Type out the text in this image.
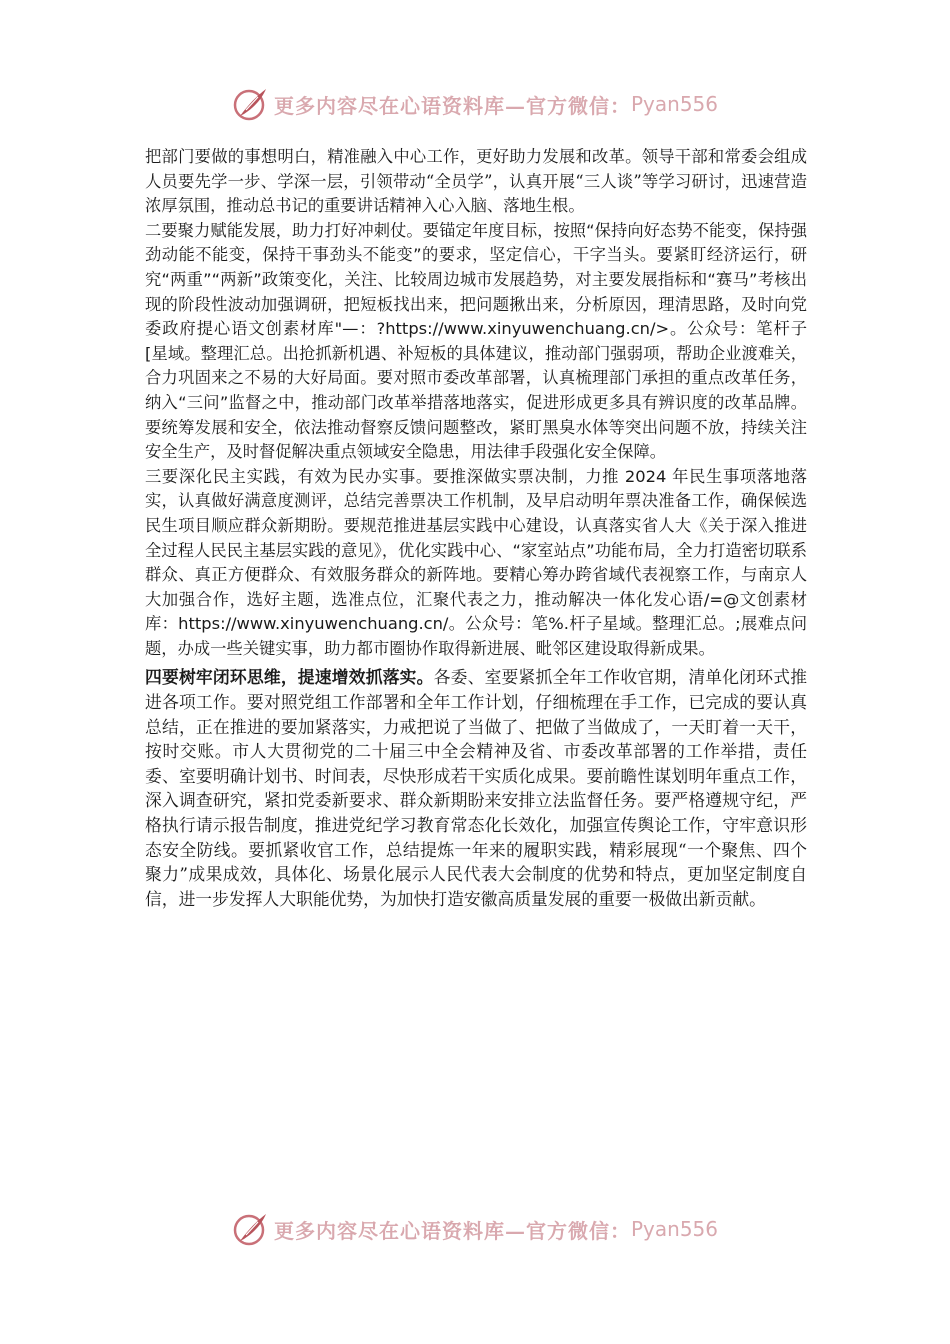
更多内容尽在心语资料库—官方微信： Pyan556

把部门要做的事想明白，精准融入中心工作，更好助力发展和改革。领导干部和常委会组成人员要先学一步、学深一层，引领带动“全员学”，认真开展“三人谈”等学习研讨，迅速营造浓厚氛围，推动总书记的重要讲话精神入心入脑、落地生根。

二要聚力赋能发展，助力打好冲刺仗。要锚定年度目标，按照“保持向好态势不能变，保持强劲动能不能变，保持干事劲头不能变”的要求，坚定信心，干字当头。要紧盯经济运行，研究“两重”“两新”政策变化，关注、比较周边城市发展趋势，对主要发展指标和“赛马”考核出现的阶段性波动加强调研，把短板找出来，把问题揪出来，分析原因，理清思路，及时向党委政府提心语文创素材库"—：?https://www.xinyuwenchuang.cn/>。公众号：笔杆子[星域。整理汇总。出抢抓新机遇、补短板的具体建议，推动部门强弱项，帮助企业渡难关，合力巩固来之不易的大好局面。要对照市委改革部署，认真梳理部门承担的重点改革任务，纳入“三问”监督之中，推动部门改革举措落地落实，促进形成更多具有辨识度的改革品牌。要统筹发展和安全，依法推动督察反馈问题整改，紧盯黑臭水体等突出问题不放，持续关注安全生产，及时督促解决重点领域安全隐患，用法律手段强化安全保障。

三要深化民主实践，有效为民办实事。要推深做实票决制，力推 2024 年民生事项落地落实，认真做好满意度测评，总结完善票决工作机制，及早启动明年票决准备工作，确保候选民生项目顺应群众新期盼。要规范推进基层实践中心建设，认真落实省人大《关于深入推进全过程人民民主基层实践的意见》，优化实践中心、“家室站点”功能布局，全力打造密切联系群众、真正方便群众、有效服务群众的新阵地。要精心筹办跨省域代表视察工作，与南京人大加强合作，选好主题，选准点位，汇聚代表之力，推动解决一体化发心语/=@文创素材库：https://www.xinyuwenchuang.cn/。公众号：笔%.杆子星域。整理汇总。;展难点问题，办成一些关键实事，助力都市圈协作取得新进展、毗邻区建设取得新成果。

四要树牢闭环思维，提速增效抓落实。各委、室要紧抓全年工作收官期，清单化闭环式推进各项工作。要对照党组工作部署和全年工作计划，仔细梳理在手工作，已完成的要认真总结，正在推进的要加紧落实，力戒把说了当做了、把做了当做成了，一天盯着一天干，按时交账。市人大贯彻党的二十届三中全会精神及省、市委改革部署的工作举措，责任委、室要明确计划书、时间表，尽快形成若干实质化成果。要前瞻性谋划明年重点工作，深入调查研究，紧扣党委新要求、群众新期盼来安排立法监督任务。要严格遵规守纪，严格执行请示报告制度，推进党纪学习教育常态化长效化，加强宣传舆论工作，守牢意识形态安全防线。要抓紧收官工作，总结提炼一年来的履职实践，精彩展现“一个聚焦、四个聚力”成果成效，具体化、场景化展示人民代表大会制度的优势和特点，更加坚定制度自信，进一步发挥人大职能优势，为加快打造安徽高质量发展的重要一极做出新贡献。

更多内容尽在心语资料库—官方微信： Pyan556
